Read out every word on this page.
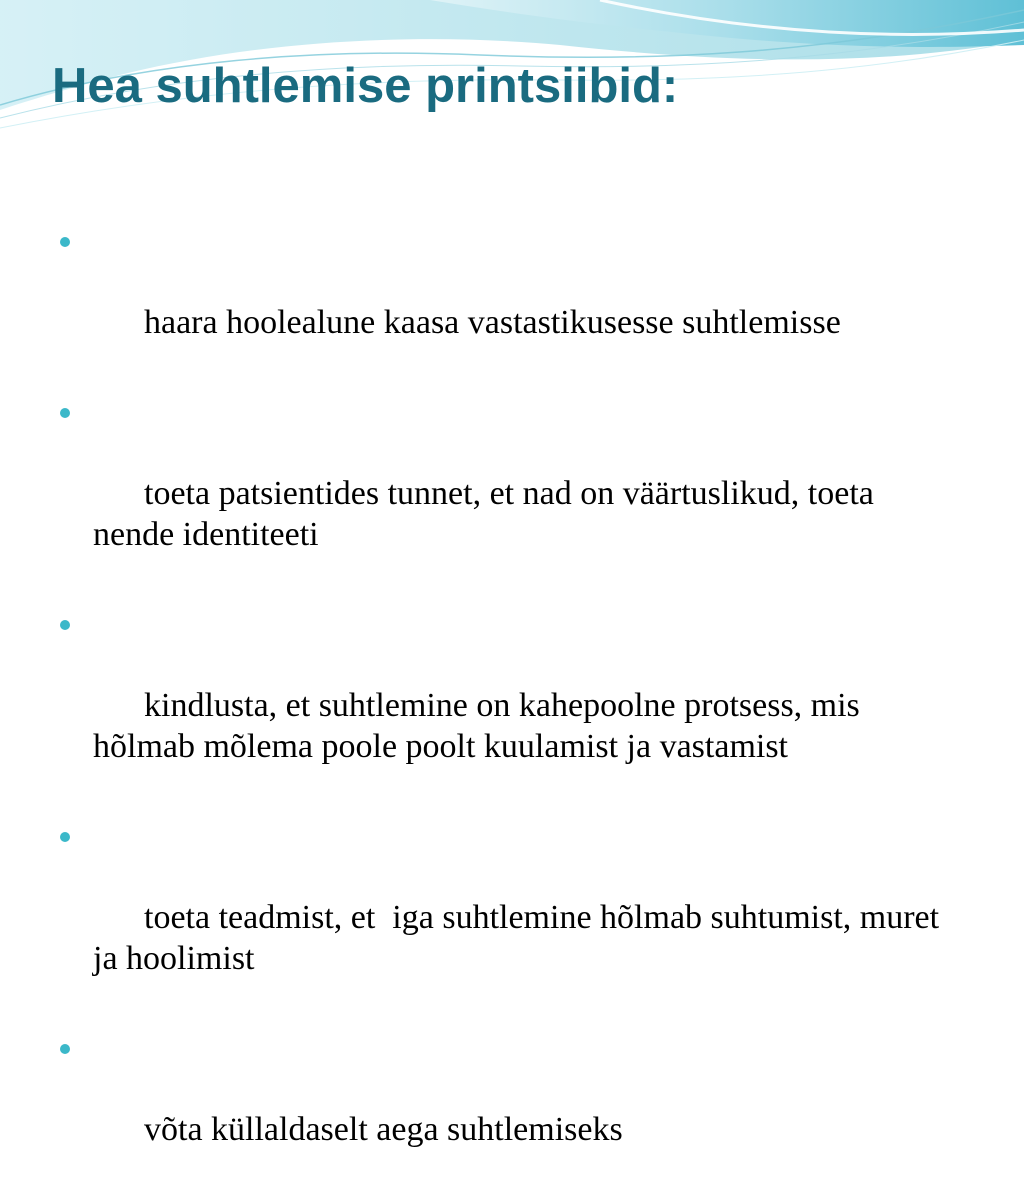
Hea suhtlemise printsiibid:

haara hoolealune kaasa vastastikusesse suhtlemisse

toeta patsientides tunnet, et nad on väärtuslikud, toeta nende identiteeti

kindlusta, et suhtlemine on kahepoolne protsess, mis hõlmab mõlema poole poolt kuulamist ja vastamist

toeta teadmist, et  iga suhtlemine hõlmab suhtumist, muret ja hoolimist

võta küllaldaselt aega suhtlemiseks
